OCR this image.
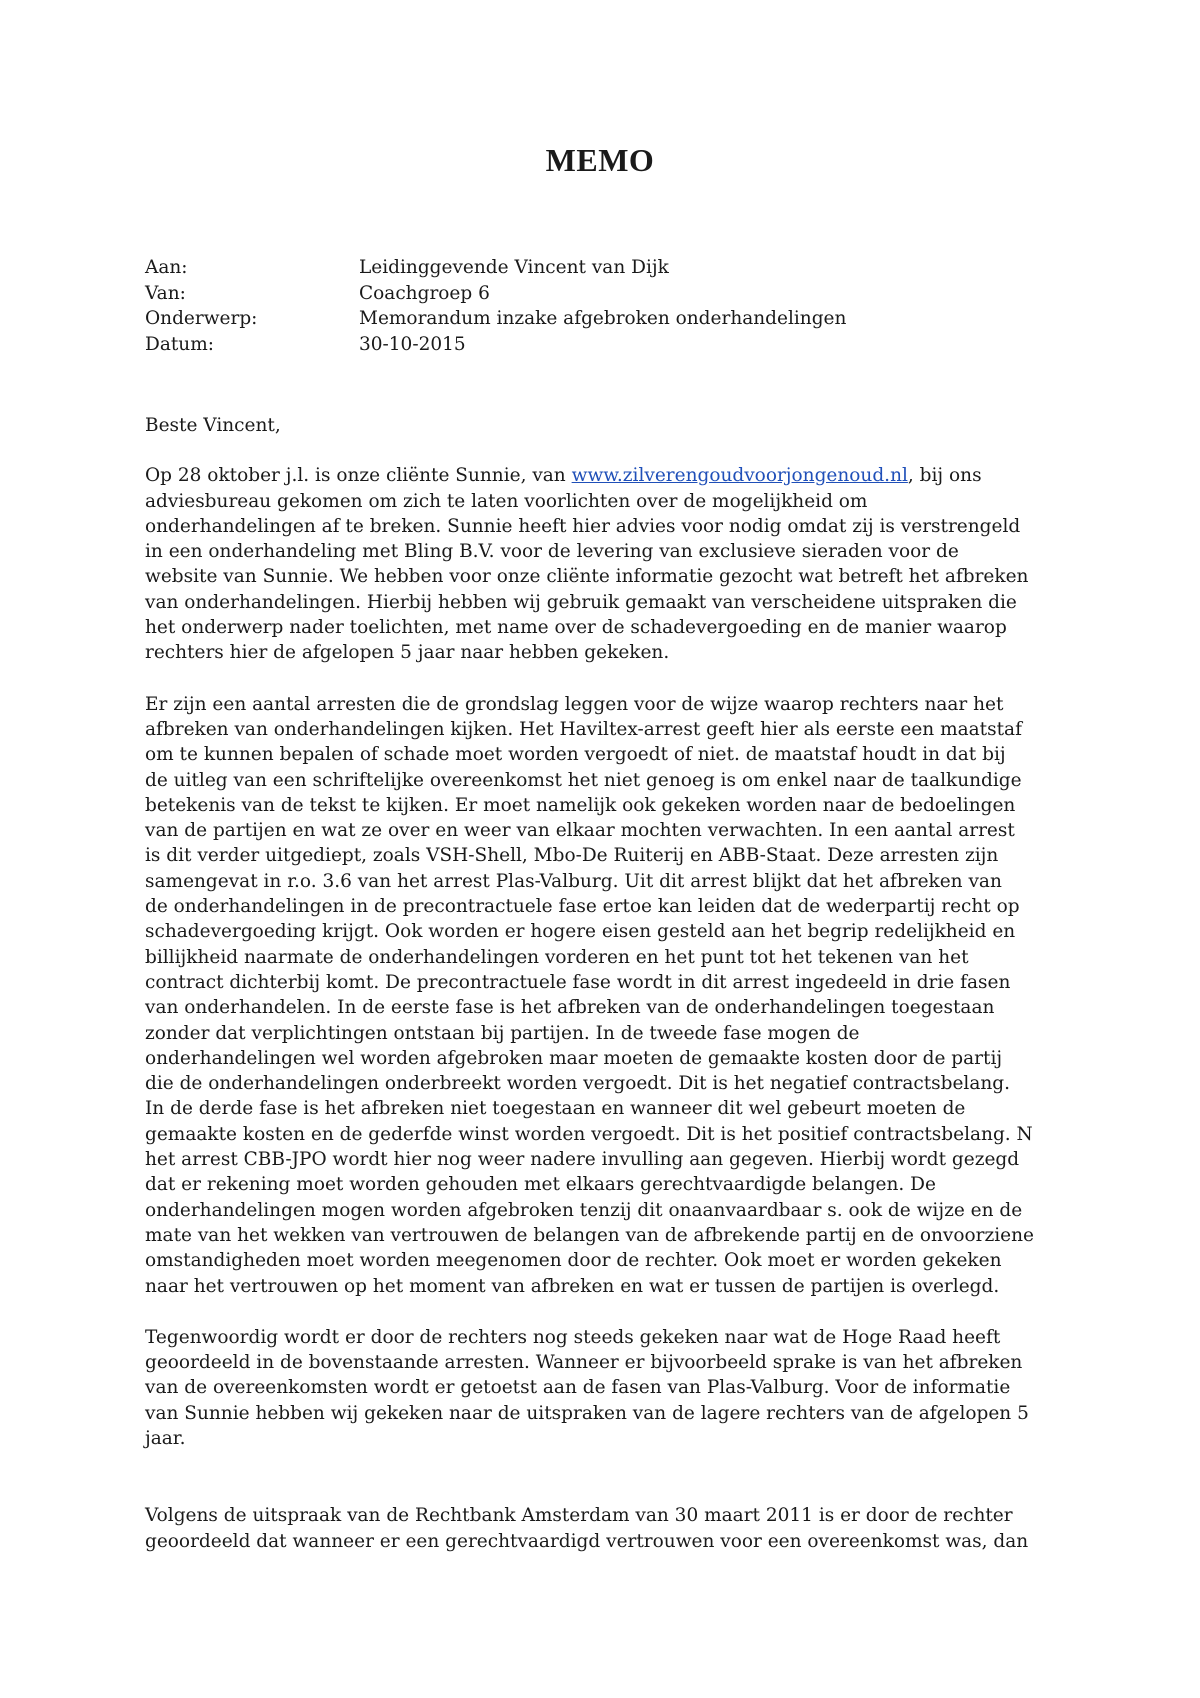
MEMO
Aan:	Leidinggevende Vincent van Dijk
Van:	Coachgroep 6
Onderwerp:	Memorandum inzake afgebroken onderhandelingen
Datum:	30-10-2015

Beste Vincent,

Op 28 oktober j.l. is onze cliënte Sunnie, van www.zilverengoudvoorjongenoud.nl, bij ons
adviesbureau gekomen om zich te laten voorlichten over de mogelijkheid om
onderhandelingen af te breken. Sunnie heeft hier advies voor nodig omdat zij is verstrengeld
in een onderhandeling met Bling B.V. voor de levering van exclusieve sieraden voor de
website van Sunnie. We hebben voor onze cliënte informatie gezocht wat betreft het afbreken
van onderhandelingen. Hierbij hebben wij gebruik gemaakt van verscheidene uitspraken die
het onderwerp nader toelichten, met name over de schadevergoeding en de manier waarop
rechters hier de afgelopen 5 jaar naar hebben gekeken.
Er zijn een aantal arresten die de grondslag leggen voor de wijze waarop rechters naar het
afbreken van onderhandelingen kijken. Het Haviltex-arrest geeft hier als eerste een maatstaf
om te kunnen bepalen of schade moet worden vergoedt of niet. de maatstaf houdt in dat bij
de uitleg van een schriftelijke overeenkomst het niet genoeg is om enkel naar de taalkundige
betekenis van de tekst te kijken. Er moet namelijk ook gekeken worden naar de bedoelingen
van de partijen en wat ze over en weer van elkaar mochten verwachten. In een aantal arrest
is dit verder uitgediept, zoals VSH-Shell, Mbo-De Ruiterij en ABB-Staat. Deze arresten zijn
samengevat in r.o. 3.6 van het arrest Plas-Valburg. Uit dit arrest blijkt dat het afbreken van
de onderhandelingen in de precontractuele fase ertoe kan leiden dat de wederpartij recht op
schadevergoeding krijgt. Ook worden er hogere eisen gesteld aan het begrip redelijkheid en
billijkheid naarmate de onderhandelingen vorderen en het punt tot het tekenen van het
contract dichterbij komt. De precontractuele fase wordt in dit arrest ingedeeld in drie fasen
van onderhandelen. In de eerste fase is het afbreken van de onderhandelingen toegestaan
zonder dat verplichtingen ontstaan bij partijen. In de tweede fase mogen de
onderhandelingen wel worden afgebroken maar moeten de gemaakte kosten door de partij
die de onderhandelingen onderbreekt worden vergoedt. Dit is het negatief contractsbelang.
In de derde fase is het afbreken niet toegestaan en wanneer dit wel gebeurt moeten de
gemaakte kosten en de gederfde winst worden vergoedt. Dit is het positief contractsbelang. N
het arrest CBB-JPO wordt hier nog weer nadere invulling aan gegeven. Hierbij wordt gezegd
dat er rekening moet worden gehouden met elkaars gerechtvaardigde belangen. De
onderhandelingen mogen worden afgebroken tenzij dit onaanvaardbaar s. ook de wijze en de
mate van het wekken van vertrouwen de belangen van de afbrekende partij en de onvoorziene
omstandigheden moet worden meegenomen door de rechter. Ook moet er worden gekeken
naar het vertrouwen op het moment van afbreken en wat er tussen de partijen is overlegd.
Tegenwoordig wordt er door de rechters nog steeds gekeken naar wat de Hoge Raad heeft
geoordeeld in de bovenstaande arresten. Wanneer er bijvoorbeeld sprake is van het afbreken
van de overeenkomsten wordt er getoetst aan de fasen van Plas-Valburg. Voor de informatie
van Sunnie hebben wij gekeken naar de uitspraken van de lagere rechters van de afgelopen 5
jaar.
Volgens de uitspraak van de Rechtbank Amsterdam van 30 maart 2011 is er door de rechter
geoordeeld dat wanneer er een gerechtvaardigd vertrouwen voor een overeenkomst was, dan
